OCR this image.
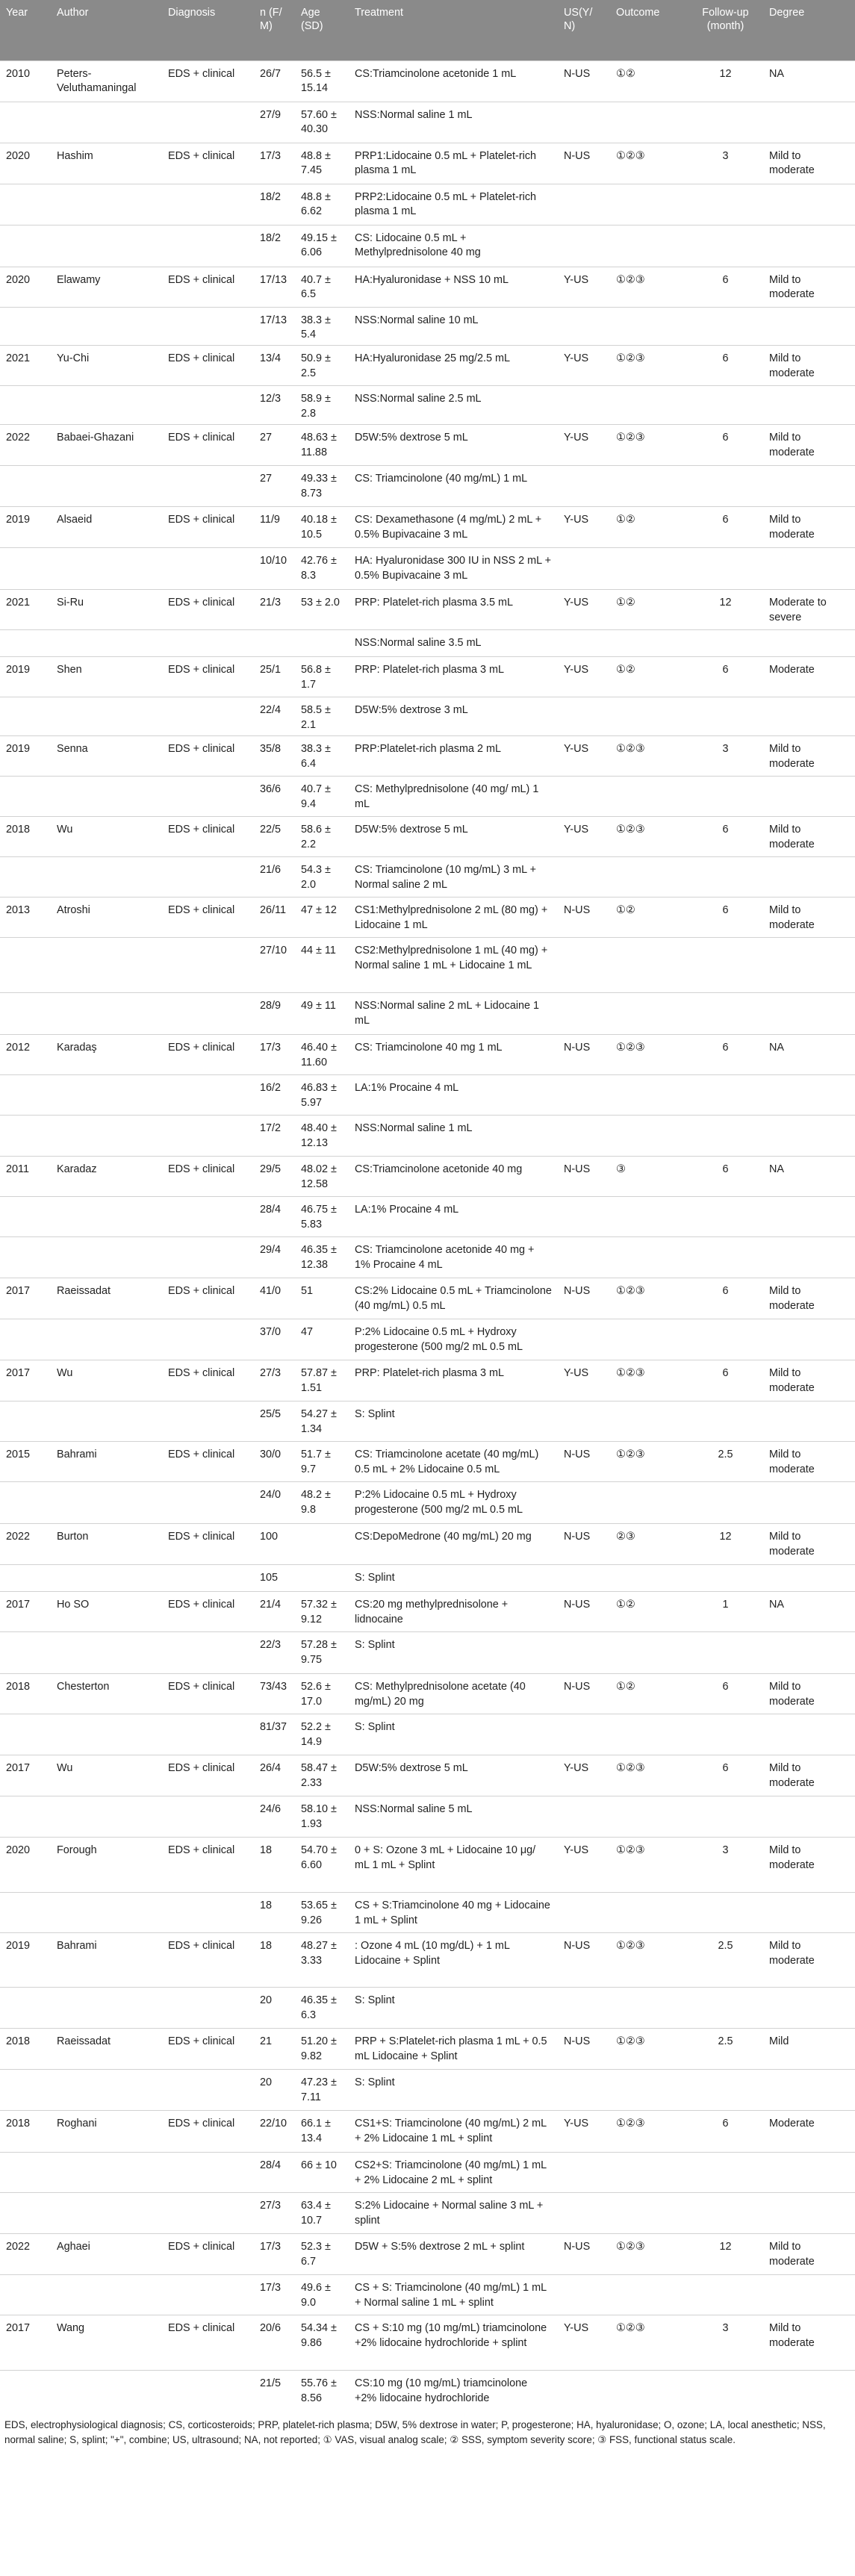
Year	Author	Diagnosis	n (F/ M)	Age (SD)	Treatment	US(Y/ N)	Outcome	Follow-up (month)	Degree
2010	Peters-Veluthamaningal	EDS + clinical	26/7	56.5 ± 15.14	CS:Triamcinolone acetonide 1 mL	N-US	①②	12	NA
			27/9	57.60 ± 40.30	NSS:Normal saline 1 mL				
2020	Hashim	EDS + clinical	17/3	48.8 ± 7.45	PRP1:Lidocaine 0.5 mL + Platelet-rich plasma 1 mL	N-US	①②③	3	Mild to moderate
			18/2	48.8 ± 6.62	PRP2:Lidocaine 0.5 mL + Platelet-rich plasma 1 mL				
			18/2	49.15 ± 6.06	CS: Lidocaine 0.5 mL + Methylprednisolone 40 mg				
2020	Elawamy	EDS + clinical	17/13	40.7 ± 6.5	HA:Hyaluronidase + NSS 10 mL	Y-US	①②③	6	Mild to moderate
			17/13	38.3 ± 5.4	NSS:Normal saline 10 mL				
2021	Yu-Chi	EDS + clinical	13/4	50.9 ± 2.5	HA:Hyaluronidase 25 mg/2.5 mL	Y-US	①②③	6	Mild to moderate
			12/3	58.9 ± 2.8	NSS:Normal saline 2.5 mL				
2022	Babaei-Ghazani	EDS + clinical	27	48.63 ± 11.88	D5W:5% dextrose 5 mL	Y-US	①②③	6	Mild to moderate
			27	49.33 ± 8.73	CS: Triamcinolone (40 mg/mL) 1 mL				
2019	Alsaeid	EDS + clinical	11/9	40.18 ± 10.5	CS: Dexamethasone (4 mg/mL) 2 mL + 0.5% Bupivacaine 3 mL	Y-US	①②	6	Mild to moderate
			10/10	42.76 ± 8.3	HA: Hyaluronidase 300 IU in NSS 2 mL + 0.5% Bupivacaine 3 mL				
2021	Si-Ru	EDS + clinical	21/3	53 ± 2.0	PRP: Platelet-rich plasma 3.5 mL	Y-US	①②	12	Moderate to severe
					NSS:Normal saline 3.5 mL				
2019	Shen	EDS + clinical	25/1	56.8 ± 1.7	PRP: Platelet-rich plasma 3 mL	Y-US	①②	6	Moderate
			22/4	58.5 ± 2.1	D5W:5% dextrose 3 mL				
2019	Senna	EDS + clinical	35/8	38.3 ± 6.4	PRP:Platelet-rich plasma 2 mL	Y-US	①②③	3	Mild to moderate
			36/6	40.7 ± 9.4	CS: Methylprednisolone (40 mg/ mL) 1 mL				
2018	Wu	EDS + clinical	22/5	58.6 ± 2.2	D5W:5% dextrose 5 mL	Y-US	①②③	6	Mild to moderate
			21/6	54.3 ± 2.0	CS: Triamcinolone (10 mg/mL) 3 mL + Normal saline 2 mL				
2013	Atroshi	EDS + clinical	26/11	47 ± 12	CS1:Methylprednisolone 2 mL (80 mg) + Lidocaine 1 mL	N-US	①②	6	Mild to moderate
			27/10	44 ± 11	CS2:Methylprednisolone 1 mL (40 mg) + Normal saline 1 mL + Lidocaine 1 mL				
			28/9	49 ± 11	NSS:Normal saline 2 mL + Lidocaine 1 mL				
2012	Karadaş	EDS + clinical	17/3	46.40 ± 11.60	CS: Triamcinolone 40 mg 1 mL	N-US	①②③	6	NA
			16/2	46.83 ± 5.97	LA:1% Procaine 4 mL				
			17/2	48.40 ± 12.13	NSS:Normal saline 1 mL				
2011	Karadaz	EDS + clinical	29/5	48.02 ± 12.58	CS:Triamcinolone acetonide 40 mg	N-US	③	6	NA
			28/4	46.75 ± 5.83	LA:1% Procaine 4 mL				
			29/4	46.35 ± 12.38	CS: Triamcinolone acetonide 40 mg + 1% Procaine 4 mL				
2017	Raeissadat	EDS + clinical	41/0	51	CS:2% Lidocaine 0.5 mL + Triamcinolone (40 mg/mL) 0.5 mL	N-US	①②③	6	Mild to moderate
			37/0	47	P:2% Lidocaine 0.5 mL + Hydroxy progesterone (500 mg/2 mL 0.5 mL				
2017	Wu	EDS + clinical	27/3	57.87 ± 1.51	PRP: Platelet-rich plasma 3 mL	Y-US	①②③	6	Mild to moderate
			25/5	54.27 ± 1.34	S: Splint				
2015	Bahrami	EDS + clinical	30/0	51.7 ± 9.7	CS: Triamcinolone acetate (40 mg/mL) 0.5 mL + 2% Lidocaine 0.5 mL	N-US	①②③	2.5	Mild to moderate
			24/0	48.2 ± 9.8	P:2% Lidocaine 0.5 mL + Hydroxy progesterone (500 mg/2 mL 0.5 mL				
2022	Burton	EDS + clinical	100		CS:DepoMedrone (40 mg/mL) 20 mg	N-US	②③	12	Mild to moderate
			105		S: Splint				
2017	Ho SO	EDS + clinical	21/4	57.32 ± 9.12	CS:20 mg methylprednisolone + lidnocaine	N-US	①②	1	NA
			22/3	57.28 ± 9.75	S: Splint				
2018	Chesterton	EDS + clinical	73/43	52.6 ± 17.0	CS: Methylprednisolone acetate (40 mg/mL) 20 mg	N-US	①②	6	Mild to moderate
			81/37	52.2 ± 14.9	S: Splint				
2017	Wu	EDS + clinical	26/4	58.47 ± 2.33	D5W:5% dextrose 5 mL	Y-US	①②③	6	Mild to moderate
			24/6	58.10 ± 1.93	NSS:Normal saline 5 mL				
2020	Forough	EDS + clinical	18	54.70 ± 6.60	0 + S: Ozone 3 mL + Lidocaine 10 μg/ mL 1 mL + Splint	Y-US	①②③	3	Mild to moderate
			18	53.65 ± 9.26	CS + S:Triamcinolone 40 mg + Lidocaine 1 mL + Splint				
2019	Bahrami	EDS + clinical	18	48.27 ± 3.33	: Ozone 4 mL (10 mg/dL) + 1 mL Lidocaine + Splint	N-US	①②③	2.5	Mild to moderate
			20	46.35 ± 6.3	S: Splint				
2018	Raeissadat	EDS + clinical	21	51.20 ± 9.82	PRP + S:Platelet-rich plasma 1 mL + 0.5 mL Lidocaine + Splint	N-US	①②③	2.5	Mild
			20	47.23 ± 7.11	S: Splint				
2018	Roghani	EDS + clinical	22/10	66.1 ± 13.4	CS1+S: Triamcinolone (40 mg/mL) 2 mL + 2% Lidocaine 1 mL + splint	Y-US	①②③	6	Moderate
			28/4	66 ± 10	CS2+S: Triamcinolone (40 mg/mL) 1 mL + 2% Lidocaine 2 mL + splint				
			27/3	63.4 ± 10.7	S:2% Lidocaine + Normal saline 3 mL + splint				
2022	Aghaei	EDS + clinical	17/3	52.3 ± 6.7	D5W + S:5% dextrose 2 mL + splint	N-US	①②③	12	Mild to moderate
			17/3	49.6 ± 9.0	CS + S: Triamcinolone (40 mg/mL) 1 mL + Normal saline 1 mL + splint				
2017	Wang	EDS + clinical	20/6	54.34 ± 9.86	CS + S:10 mg (10 mg/mL) triamcinolone +2% lidocaine hydrochloride + splint	Y-US	①②③	3	Mild to moderate
			21/5	55.76 ± 8.56	CS:10 mg (10 mg/mL) triamcinolone +2% lidocaine hydrochloride				
EDS, electrophysiological diagnosis; CS, corticosteroids; PRP, platelet-rich plasma; D5W, 5% dextrose in water; P, progesterone; HA, hyaluronidase; O, ozone; LA, local anesthetic; NSS, normal saline; S, splint; "+", combine; US, ultrasound; NA, not reported; ① VAS, visual analog scale; ② SSS, symptom severity score; ③ FSS, functional status scale.
